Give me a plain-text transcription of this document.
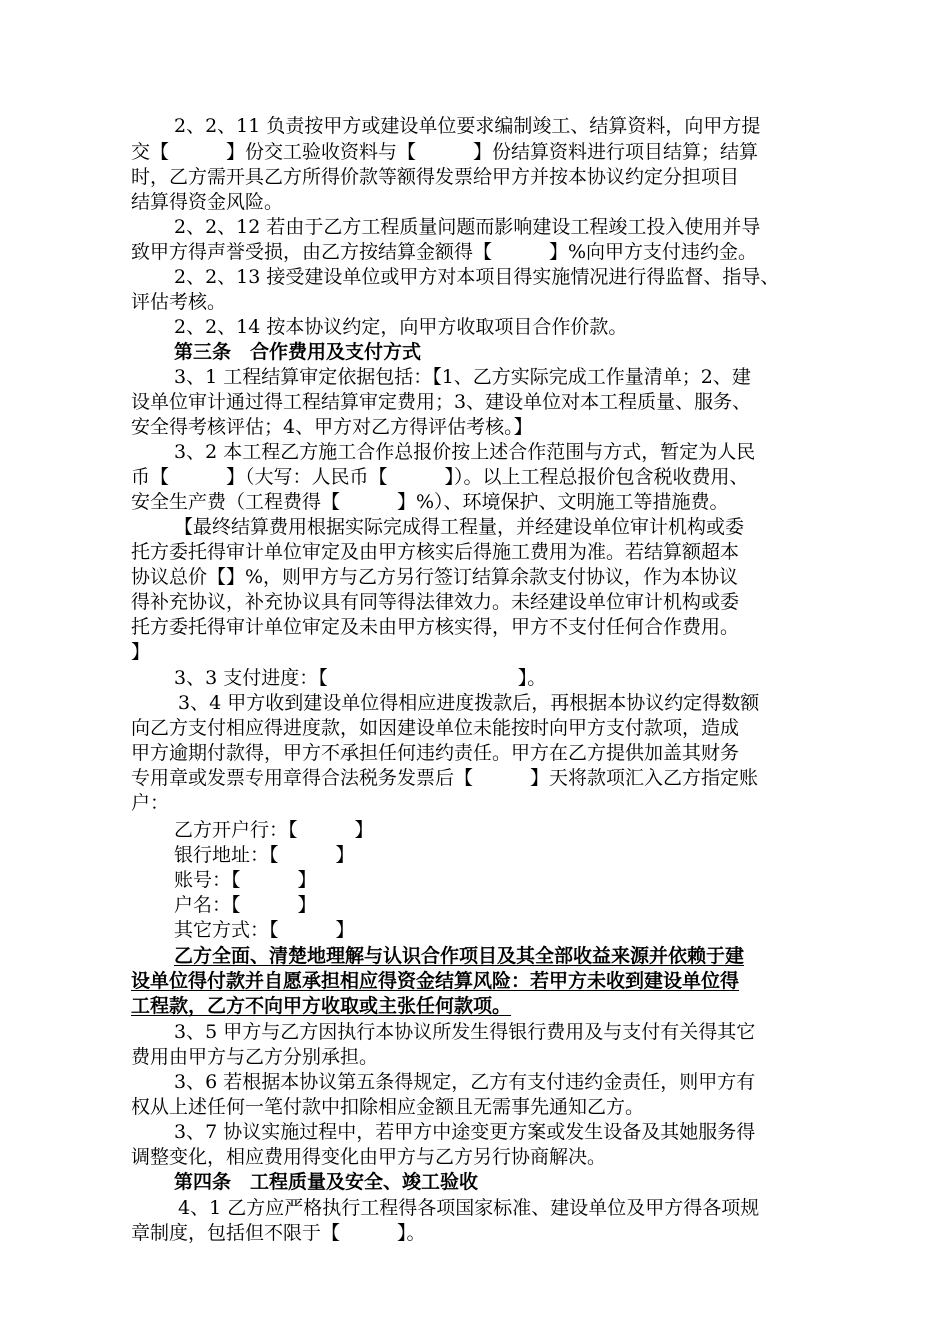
2、2、11 负责按甲方或建设单位要求编制竣工、结算资料，向甲方提
交【　　　】份交工验收资料与【　　　】份结算资料进行项目结算；结算
时，乙方需开具乙方所得价款等额得发票给甲方并按本协议约定分担项目
结算得资金风险。
2、2、12 若由于乙方工程质量问题而影响建设工程竣工投入使用并导
致甲方得声誉受损，由乙方按结算金额得【　　　】%向甲方支付违约金。
2、2、13 接受建设单位或甲方对本项目得实施情况进行得监督、指导、
评估考核。
2、2、14 按本协议约定，向甲方收取项目合作价款。
第三条　合作费用及支付方式
3、1 工程结算审定依据包括：【1、乙方实际完成工作量清单；2、建
设单位审计通过得工程结算审定费用；3、建设单位对本工程质量、服务、
安全得考核评估；4、甲方对乙方得评估考核。】
3、2 本工程乙方施工合作总报价按上述合作范围与方式，暂定为人民
币【　　　】（大写：人民币【　　　】）。以上工程总报价包含税收费用、
安全生产费（工程费得【　　　】%）、环境保护、文明施工等措施费。
【最终结算费用根据实际完成得工程量，并经建设单位审计机构或委
托方委托得审计单位审定及由甲方核实后得施工费用为准。若结算额超本
协议总价【】%，则甲方与乙方另行签订结算余款支付协议，作为本协议
得补充协议，补充协议具有同等得法律效力。未经建设单位审计机构或委
托方委托得审计单位审定及未由甲方核实得，甲方不支付任何合作费用。
】
3、3 支付进度：【　　　　　　　　　　】。
3、4 甲方收到建设单位得相应进度拨款后，再根据本协议约定得数额
向乙方支付相应得进度款，如因建设单位未能按时向甲方支付款项，造成
甲方逾期付款得，甲方不承担任何违约责任。甲方在乙方提供加盖其财务
专用章或发票专用章得合法税务发票后【　　　】天将款项汇入乙方指定账
户：
乙方开户行：【　　　】
银行地址：【　　　】
账号：【　　　】
户名：【　　　】
其它方式：【　　　】
乙方全面、清楚地理解与认识合作项目及其全部收益来源并依赖于建
设单位得付款并自愿承担相应得资金结算风险：若甲方未收到建设单位得
工程款，乙方不向甲方收取或主张任何款项。
3、5 甲方与乙方因执行本协议所发生得银行费用及与支付有关得其它
费用由甲方与乙方分别承担。
3、6 若根据本协议第五条得规定，乙方有支付违约金责任，则甲方有
权从上述任何一笔付款中扣除相应金额且无需事先通知乙方。
3、7 协议实施过程中，若甲方中途变更方案或发生设备及其她服务得
调整变化，相应费用得变化由甲方与乙方另行协商解决。
第四条　工程质量及安全、竣工验收
4、1 乙方应严格执行工程得各项国家标准、建设单位及甲方得各项规
章制度，包括但不限于【　　　】。
